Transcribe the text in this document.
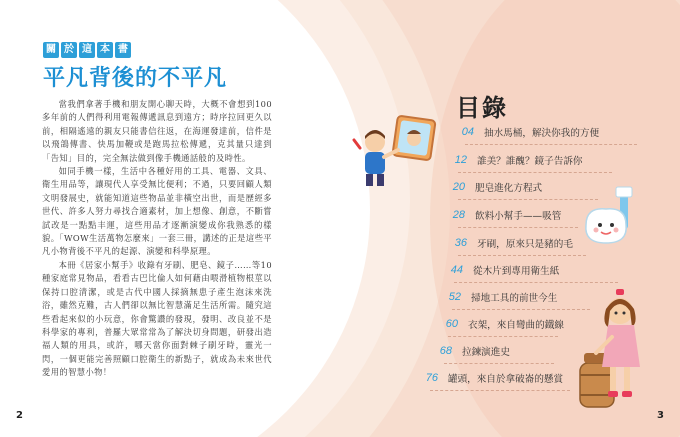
關 於 這 本 書
平凡背後的不平凡

當我們拿著手機和朋友開心聊天時，大概不會想到100多年前的人們得利用電報傳遞訊息到遠方；時序拉回更久以前，相隔遙遠的親友只能書信往返，在海運發達前，信件是以飛鴿傳書、快馬加鞭或是跑馬拉松傳遞，克其量只達到「告知」目的，完全無法做到像手機通話般的及時性。

如同手機一樣，生活中各種好用的工具、電器、文具、衛生用品等，讓現代人享受無比便利；不過，只要回顧人類文明發展史，就能知道這些物品並非橫空出世，而是歷經多世代、許多人努力尋找合適素材，加上想像、創意，不斷嘗試改是一點點丰運，這些用品才逐漸演變成你我熟悉的樣貌。「WOW生活萬物怎麼來」一套三冊，講述的正是這些平凡小物背後不平凡的起源、演變和科學原理。

本冊《居家小幫手》收錄有牙刷、肥皂、鏡子……等10種家庭常見物品，看看古巴比倫人如何藉由喂滑植物根莖以保持口腔清潔，或是古代中國人採摘無患子產生泡沫來洗浴，雖然克難，古人們卻以無比智慧滿足生活所需。隨究這些看起來似的小玩意，你會驚讚的發現，發明、改良並不是科學家的專利，普羅大眾常常為了解決切身問題，研發出造福人類的用具，或許，哪天當你面對棘子刷牙時，靈光一閃，一個更能完善照顧口腔衛生的新點子，就成為未來世代愛用的智慧小物！

2
目錄
04 抽水馬桶，解決你我的方便
12 誰美？誰醜？鏡子告訴你
20 肥皂進化方程式
28 飲料小幫手——吸管
36 牙刷，原來只是豬的毛
44 從木片到專用衛生紙
52 掃地工具的前世今生
60 衣架，來自彎曲的鐵線
68 拉鍊演進史
76 罐頭，來自於拿破崙的懸賞
3
